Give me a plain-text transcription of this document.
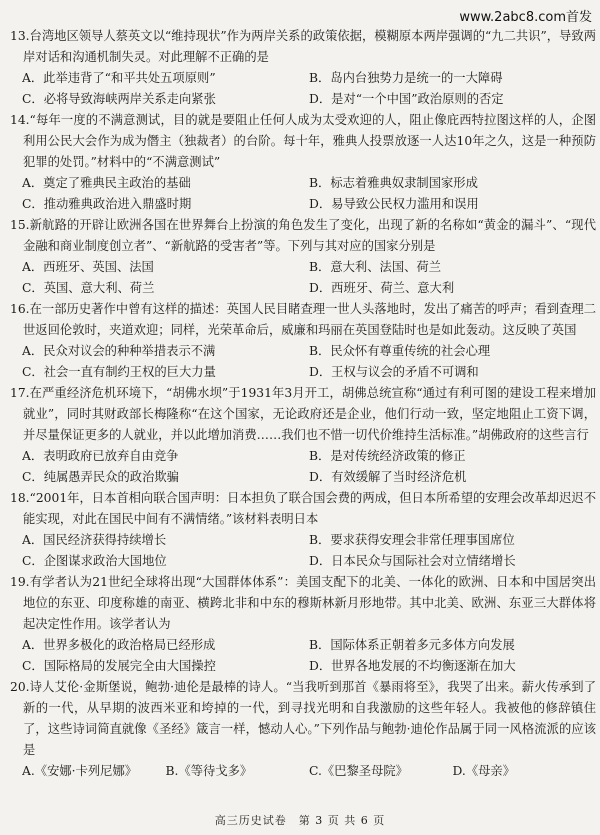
www.2abc8.com首发
13.台湾地区领导人蔡英文以“维持现状”作为两岸关系的政策依据，模糊原本两岸强调的“九二共识”，导致两岸对话和沟通机制失灵。对此理解不正确的是
A．此举违背了“和平共处五项原则”	B．岛内台独势力是统一的一大障碍
C．必将导致海峡两岸关系走向紧张	D．是对“一个中国”政治原则的否定
14.“每年一度的不满意测试，目的就是要阻止任何人成为太受欢迎的人，阻止像庇西特拉图这样的人，企图利用公民大会作为成为僭主（独裁者）的台阶。每十年，雅典人投票放逐一人达10年之久，这是一种预防犯罪的处罚。”材料中的“不满意测试”
A．奠定了雅典民主政治的基础	B．标志着雅典奴隶制国家形成
C．推动雅典政治进入鼎盛时期	D．易导致公民权力滥用和误用
15.新航路的开辟让欧洲各国在世界舞台上扮演的角色发生了变化，出现了新的名称如“黄金的漏斗”、“现代金融和商业制度创立者”、“新航路的受害者”等。下列与其对应的国家分别是
A．西班牙、英国、法国	B．意大利、法国、荷兰
C．英国、意大利、荷兰	D．西班牙、荷兰、意大利
16.在一部历史著作中曾有这样的描述：英国人民目睹查理一世人头落地时，发出了痛苦的呼声；看到查理二世返回伦敦时，夹道欢迎；同样，光荣革命后，威廉和玛丽在英国登陆时也是如此轰动。这反映了英国
A．民众对议会的种种举措表示不满	B．民众怀有尊重传统的社会心理
C．社会一直有制约王权的巨大力量	D．王权与议会的矛盾不可调和
17.在严重经济危机环境下，“胡佛水坝”于1931年3月开工，胡佛总统宣称“通过有利可图的建设工程来增加就业”，同时其财政部长梅隆称“在这个国家，无论政府还是企业，他们行动一致，坚定地阻止工资下调，并尽量保证更多的人就业，并以此增加消费……我们也不惜一切代价维持生活标准。”胡佛政府的这些言行
A．表明政府已放弃自由竞争	B．是对传统经济政策的修正
C．纯属愚弄民众的政治欺骗	D．有效缓解了当时经济危机
18.“2001年，日本首相向联合国声明：日本担负了联合国会费的两成，但日本所希望的安理会改革却迟迟不能实现，对此在国民中间有不满情绪。”该材料表明日本
A．国民经济获得持续增长	B．要求获得安理会非常任理事国席位
C．企图谋求政治大国地位	D．日本民众与国际社会对立情绪增长
19.有学者认为21世纪全球将出现“大国群体体系”：美国支配下的北美、一体化的欧洲、日本和中国居突出地位的东亚、印度称雄的南亚、横跨北非和中东的穆斯林新月形地带。其中北美、欧洲、东亚三大群体将起决定性作用。该学者认为
A．世界多极化的政治格局已经形成	B．国际体系正朝着多元多体方向发展
C．国际格局的发展完全由大国操控	D．世界各地发展的不均衡逐渐在加大
20.诗人艾伦·金斯堡说，鲍勃·迪伦是最棒的诗人。“当我听到那首《暴雨将至》，我哭了出来。薪火传承到了新的一代，从早期的波西米亚和垮掉的一代，到寻找光明和自我激励的这些年轻人。我被他的修辞镇住了，这些诗词简直就像《圣经》箴言一样，憾动人心。”下列作品与鲍勃·迪伦作品属于同一风格流派的应该是
A.《安娜·卡列尼娜》	B.《等待戈多》	C.《巴黎圣母院》	D.《母亲》
高三历史试卷　第 3 页 共 6 页
